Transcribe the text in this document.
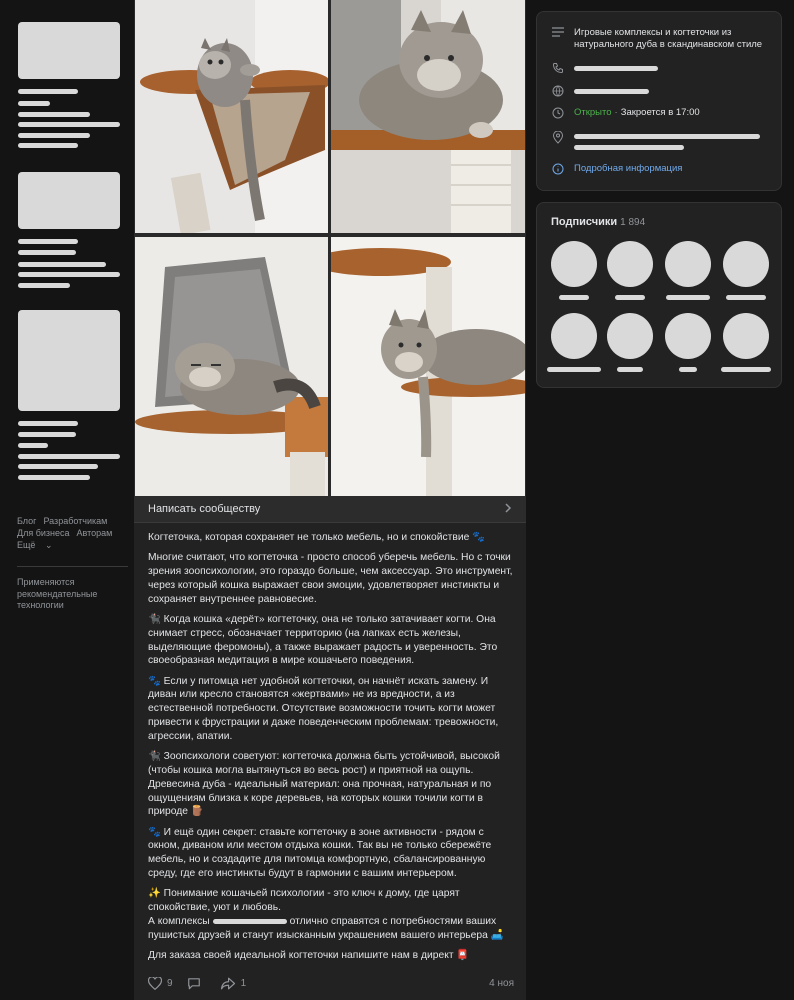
Блог Разработчикам
Для бизнеса Авторам
Ещё ⌄
Применяются рекомендательные технологии
Написать сообществу

Когтеточка, которая сохраняет не только мебель, но и спокойствие 🐾

Многие считают, что когтеточка - просто способ уберечь мебель. Но с точки зрения зоопсихологии, это гораздо больше, чем аксессуар. Это инструмент, через который кошка выражает свои эмоции, удовлетворяет инстинкты и сохраняет внутреннее равновесие.

🐈‍⬛ Когда кошка «дерёт» когтеточку, она не только затачивает когти. Она снимает стресс, обозначает территорию (на лапках есть железы, выделяющие феромоны), а также выражает радость и уверенность. Это своеобразная медитация в мире кошачьего поведения.

🐾 Если у питомца нет удобной когтеточки, он начнёт искать замену. И диван или кресло становятся «жертвами» не из вредности, а из естественной потребности. Отсутствие возможности точить когти может привести к фрустрации и даже поведенческим проблемам: тревожности, агрессии, апатии.

🐈‍⬛ Зоопсихологи советуют: когтеточка должна быть устойчивой, высокой (чтобы кошка могла вытянуться во весь рост) и приятной на ощупь. Древесина дуба - идеальный материал: она прочная, натуральная и по ощущениям близка к коре деревьев, на которых кошки точили когти в природе 🪵

🐾 И ещё один секрет: ставьте когтеточку в зоне активности - рядом с окном, диваном или местом отдыха кошки. Так вы не только сбережёте мебель, но и создадите для питомца комфортную, сбалансированную среду, где его инстинкты будут в гармонии с вашим интерьером.

✨ Понимание кошачьей психологии - это ключ к дому, где царят спокойствие, уют и любовь.
А комплексы	отлично справятся с потребностями ваших пушистых друзей и станут изысканным украшением вашего интерьера 🛋️

Для заказа своей идеальной когтеточки напишите нам в директ 📮

9	1	4 ноя
Игровые комплексы и когтеточки из натурального дуба в скандинавском стиле
Открыто · Закроется в 17:00
Подробная информация
Подписчики 1 894
